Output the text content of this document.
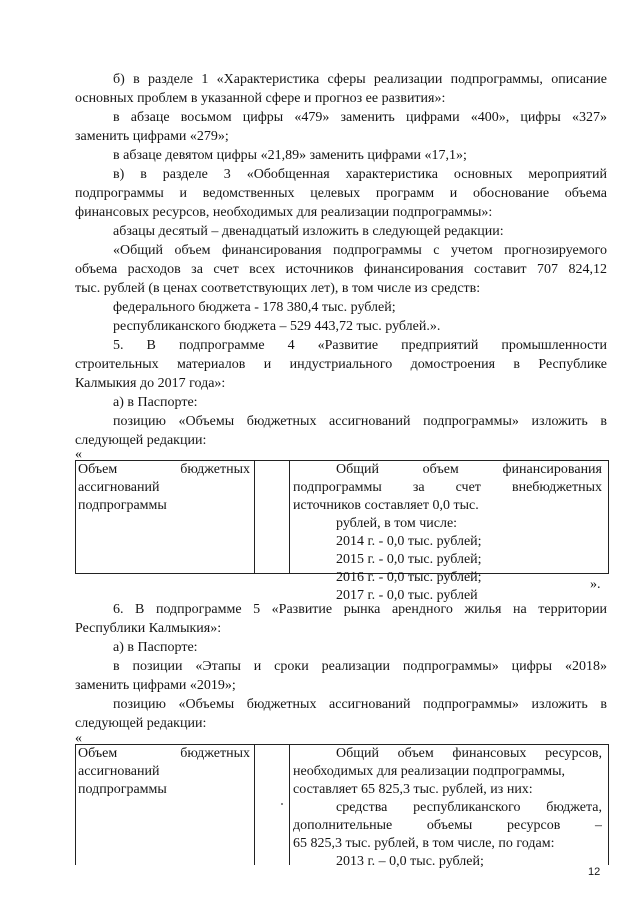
б) в разделе 1 «Характеристика сферы реализации подпрограммы, описание
основных проблем в указанной сфере и прогноз ее развития»:
в абзаце восьмом цифры «479» заменить цифрами «400», цифры «327»
заменить цифрами «279»;
в абзаце девятом цифры «21,89» заменить цифрами «17,1»;
в) в разделе 3 «Обобщенная характеристика основных мероприятий
подпрограммы и ведомственных целевых программ и обоснование объема
финансовых ресурсов, необходимых для реализации подпрограммы»:
абзацы десятый – двенадцатый изложить в следующей редакции:
«Общий объем финансирования подпрограммы с учетом прогнозируемого
объема расходов за счет всех источников финансирования составит 707 824,12
тыс. рублей (в ценах соответствующих лет), в том числе из средств:
федерального бюджета - 178 380,4 тыс. рублей;
республиканского бюджета – 529 443,72 тыс. рублей.».
5. В подпрограмме 4 «Развитие предприятий промышленности
строительных материалов и индустриального домостроения в Республике
Калмыкия до 2017 года»:
а) в Паспорте:
позицию «Объемы бюджетных ассигнований подпрограммы» изложить в
следующей редакции:
«
Объем бюджетных
ассигнований
подпрограммы
Общий объем финансирования
подпрограммы за счет внебюджетных
источников составляет 0,0 тыс.
рублей, в том числе:
2014 г. - 0,0 тыс. рублей;
2015 г. - 0,0 тыс. рублей;
2016 г. - 0,0 тыс. рублей;
2017 г. - 0,0 тыс. рублей
».
6. В подпрограмме 5 «Развитие рынка арендного жилья на территории
Республики Калмыкия»:
а) в Паспорте:
в позиции «Этапы и сроки реализации подпрограммы» цифры «2018»
заменить цифрами «2019»;
позицию «Объемы бюджетных ассигнований подпрограммы» изложить в
следующей редакции:
«
Объем бюджетных
ассигнований
подпрограммы
Общий объем финансовых ресурсов,
необходимых для реализации подпрограммы,
составляет 65 825,3 тыс. рублей, из них:
средства республиканского бюджета,
дополнительные объемы ресурсов –
65 825,3 тыс. рублей, в том числе, по годам:
2013 г. – 0,0 тыс. рублей;
12
